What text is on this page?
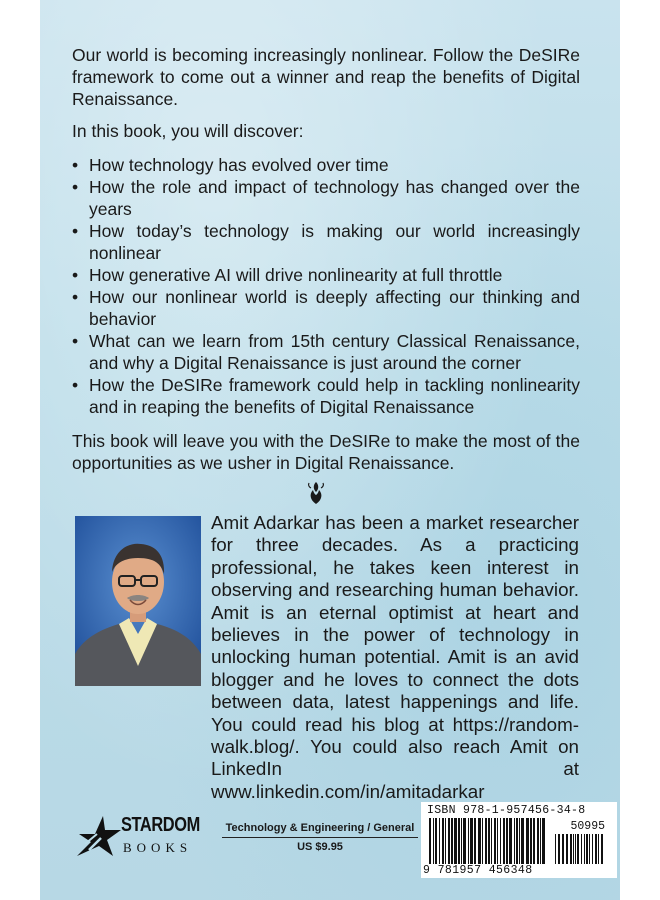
Our world is becoming increasingly nonlinear. Follow the DeSIRe framework to come out a winner and reap the benefits of Digital Renaissance.

In this book, you will discover:

• How technology has evolved over time
• How the role and impact of technology has changed over the years
• How today’s technology is making our world increasingly nonlinear
• How generative AI will drive nonlinearity at full throttle
• How our nonlinear world is deeply affecting our thinking and behavior
• What can we learn from 15th century Classical Renaissance, and why a Digital Renaissance is just around the corner
• How the DeSIRe framework could help in tackling nonlinearity and in reaping the benefits of Digital Renaissance

This book will leave you with the DeSIRe to make the most of the opportunities as we usher in Digital Renaissance.

Amit Adarkar has been a market researcher for three decades. As a practicing professional, he takes keen interest in observing and researching human behavior. Amit is an eternal optimist at heart and believes in the power of technology in unlocking human potential. Amit is an avid blogger and he loves to connect the dots between data, latest happenings and life. You could read his blog at https://random-walk.blog/. You could also reach Amit on LinkedIn at www.linkedin.com/in/amitadarkar

STARDOM
BOOKS
Technology & Engineering / General
US $9.95
ISBN 978-1-957456-34-8
50995
9 781957 456348
